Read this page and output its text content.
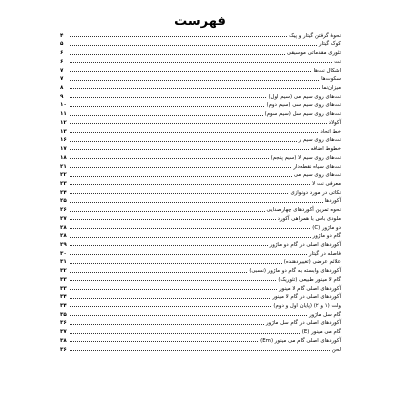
فهرست
نحوهٔ گرفتن گیتار و پیک
۴
کوک گیتار
۵
تئوری مقدماتی موسیقی
۶
نت
۶
اشکال نت‌ها
۷
سکوت‌ها
۷
میزان‌نما
۸
نت‌های روی سیم می (سیم اول)
۹
نت‌های روی سیم سی (سیم دوم)
۱۰
نت‌های روی سیم سل (سیم سوم)
۱۱
آکولاد
۱۲
خط اتحاد
۱۳
نت‌های روی سیم ر
۱۶
خطوط اضافه
۱۷
نت‌های روی سیم لا (سیم پنجم)
۱۸
نت‌های سیاه نقطه‌دار
۲۱
نت‌های روی سیم می
۲۲
معرفی نت لا
۲۳
نکاتی در مورد دونوازی
۲۴
آکوردها
۲۵
نحوه تمرین آکوردهای چهارصدایی
۲۶
ملودی باس با همراهی آکورد
۲۷
دو ماژور (C)
۲۸
گام دو ماژور
۲۸
آکوردهای اصلی در گام دو ماژور
۲۹
فاصله در گیتار
۳۰
علائم عرضی (تغییردهنده)
۳۱
آکوردهای وابسته به گام دو ماژور (نسبی)
۳۲
گام لا مینور طبیعی (تئوریک)
۳۳
آکوردهای اصلی گام لا مینور
۳۳
آکوردهای اصلی در گام لا مینور
۳۴
ولت (۱ و ۲) (پایان اول و دوم)
۳۴
گام سل ماژور
۳۵
آکوردهای اصلی در گام سل ماژور
۳۶
گام می مینور (E)
۳۷
آکوردهای اصلی گام می مینور (Em)
۳۸
لحن
۳۶
